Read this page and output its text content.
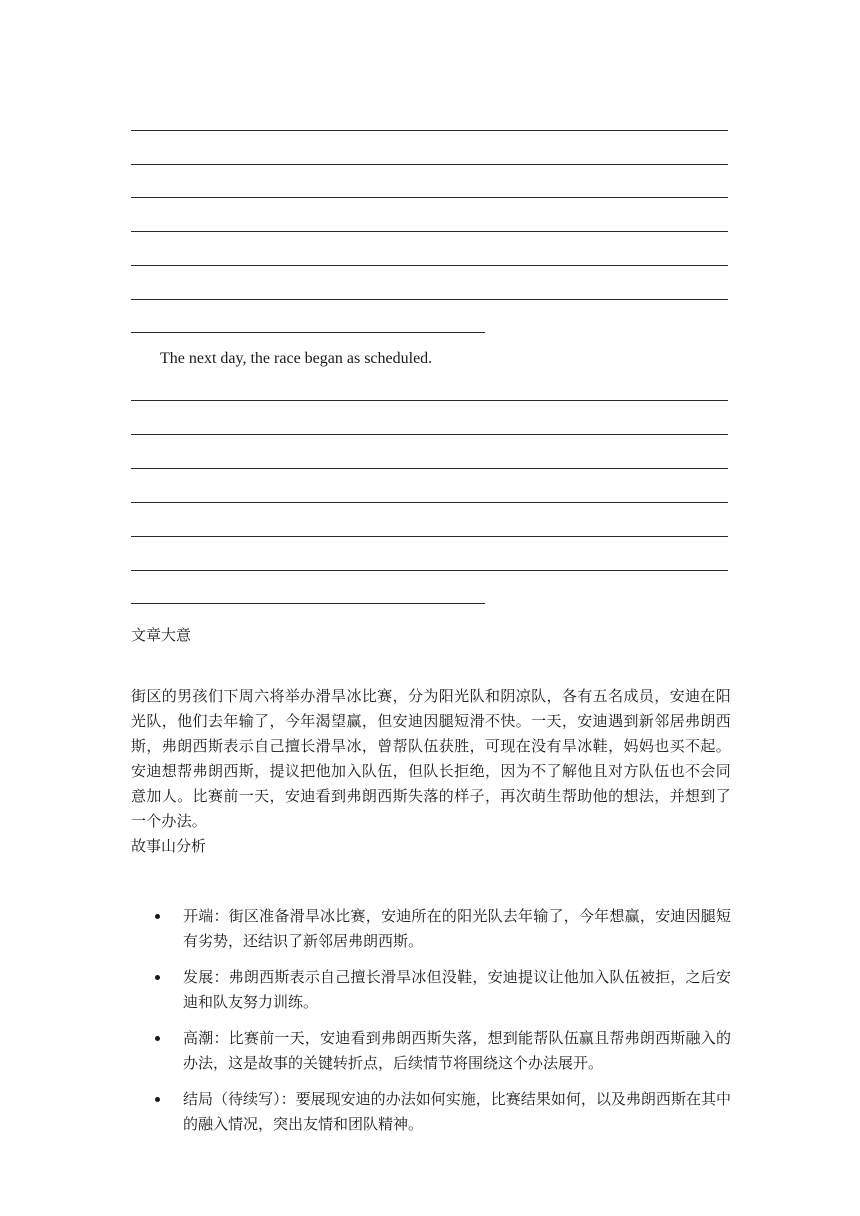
The next day, the race began as scheduled.
文章大意
街区的男孩们下周六将举办滑旱冰比赛，分为阳光队和阴凉队，各有五名成员，安迪在阳光队，他们去年输了，今年渴望赢，但安迪因腿短滑不快。一天，安迪遇到新邻居弗朗西斯，弗朗西斯表示自己擅长滑旱冰，曾帮队伍获胜，可现在没有旱冰鞋，妈妈也买不起。安迪想帮弗朗西斯，提议把他加入队伍，但队长拒绝，因为不了解他且对方队伍也不会同意加人。比赛前一天，安迪看到弗朗西斯失落的样子，再次萌生帮助他的想法，并想到了一个办法。
故事山分析
开端：街区准备滑旱冰比赛，安迪所在的阳光队去年输了，今年想赢，安迪因腿短有劣势，还结识了新邻居弗朗西斯。
发展：弗朗西斯表示自己擅长滑旱冰但没鞋，安迪提议让他加入队伍被拒，之后安迪和队友努力训练。
高潮：比赛前一天，安迪看到弗朗西斯失落，想到能帮队伍赢且帮弗朗西斯融入的办法，这是故事的关键转折点，后续情节将围绕这个办法展开。
结局（待续写）：要展现安迪的办法如何实施，比赛结果如何，以及弗朗西斯在其中的融入情况，突出友情和团队精神。
